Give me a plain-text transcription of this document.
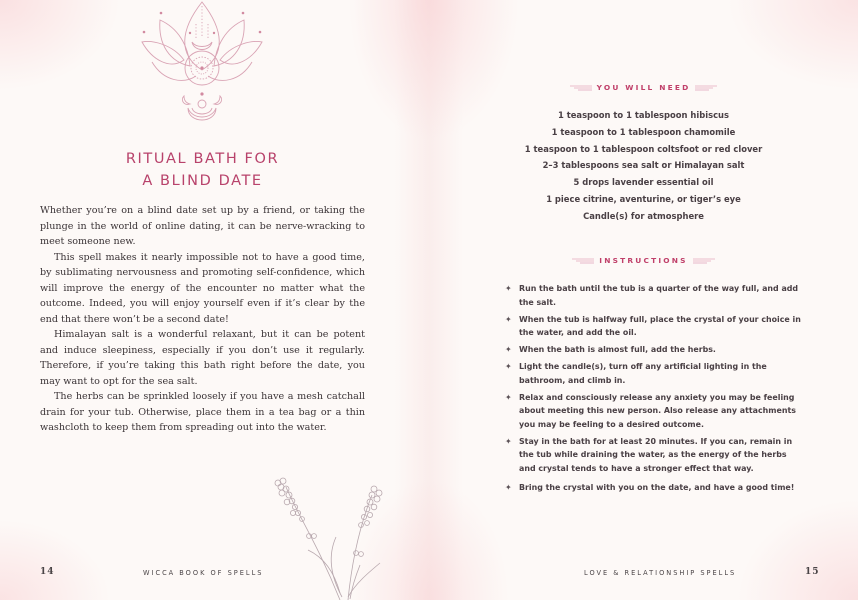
RITUAL BATH FOR
A BLIND DATE

Whether you’re on a blind date set up by a friend, or taking the plunge in the world of online dating, it can be nerve-wracking to meet someone new.

This spell makes it nearly impossible not to have a good time, by sublimating nervousness and promoting self-confidence, which will improve the energy of the encounter no matter what the outcome. Indeed, you will enjoy yourself even if it’s clear by the end that there won’t be a second date!

Himalayan salt is a wonderful relaxant, but it can be potent and induce sleepiness, especially if you don’t use it regularly. Therefore, if you’re taking this bath right before the date, you may want to opt for the sea salt.

The herbs can be sprinkled loosely if you have a mesh catchall drain for your tub. Otherwise, place them in a tea bag or a thin washcloth to keep them from spreading out into the water.

14	WICCA BOOK OF SPELLS
YOU WILL NEED
1 teaspoon to 1 tablespoon hibiscus
1 teaspoon to 1 tablespoon chamomile
1 teaspoon to 1 tablespoon coltsfoot or red clover
2–3 tablespoons sea salt or Himalayan salt
5 drops lavender essential oil
1 piece citrine, aventurine, or tiger’s eye
Candle(s) for atmosphere
INSTRUCTIONS
✦ Run the bath until the tub is a quarter of the way full, and add the salt.
✦ When the tub is halfway full, place the crystal of your choice in the water, and add the oil.
✦ When the bath is almost full, add the herbs.
✦ Light the candle(s), turn off any artificial lighting in the bathroom, and climb in.
✦ Relax and consciously release any anxiety you may be feeling about meeting this new person. Also release any attachments you may be feeling to a desired outcome.
✦ Stay in the bath for at least 20 minutes. If you can, remain in the tub while draining the water, as the energy of the herbs and crystal tends to have a stronger effect that way.
✦ Bring the crystal with you on the date, and have a good time!
LOVE & RELATIONSHIP SPELLS	15
